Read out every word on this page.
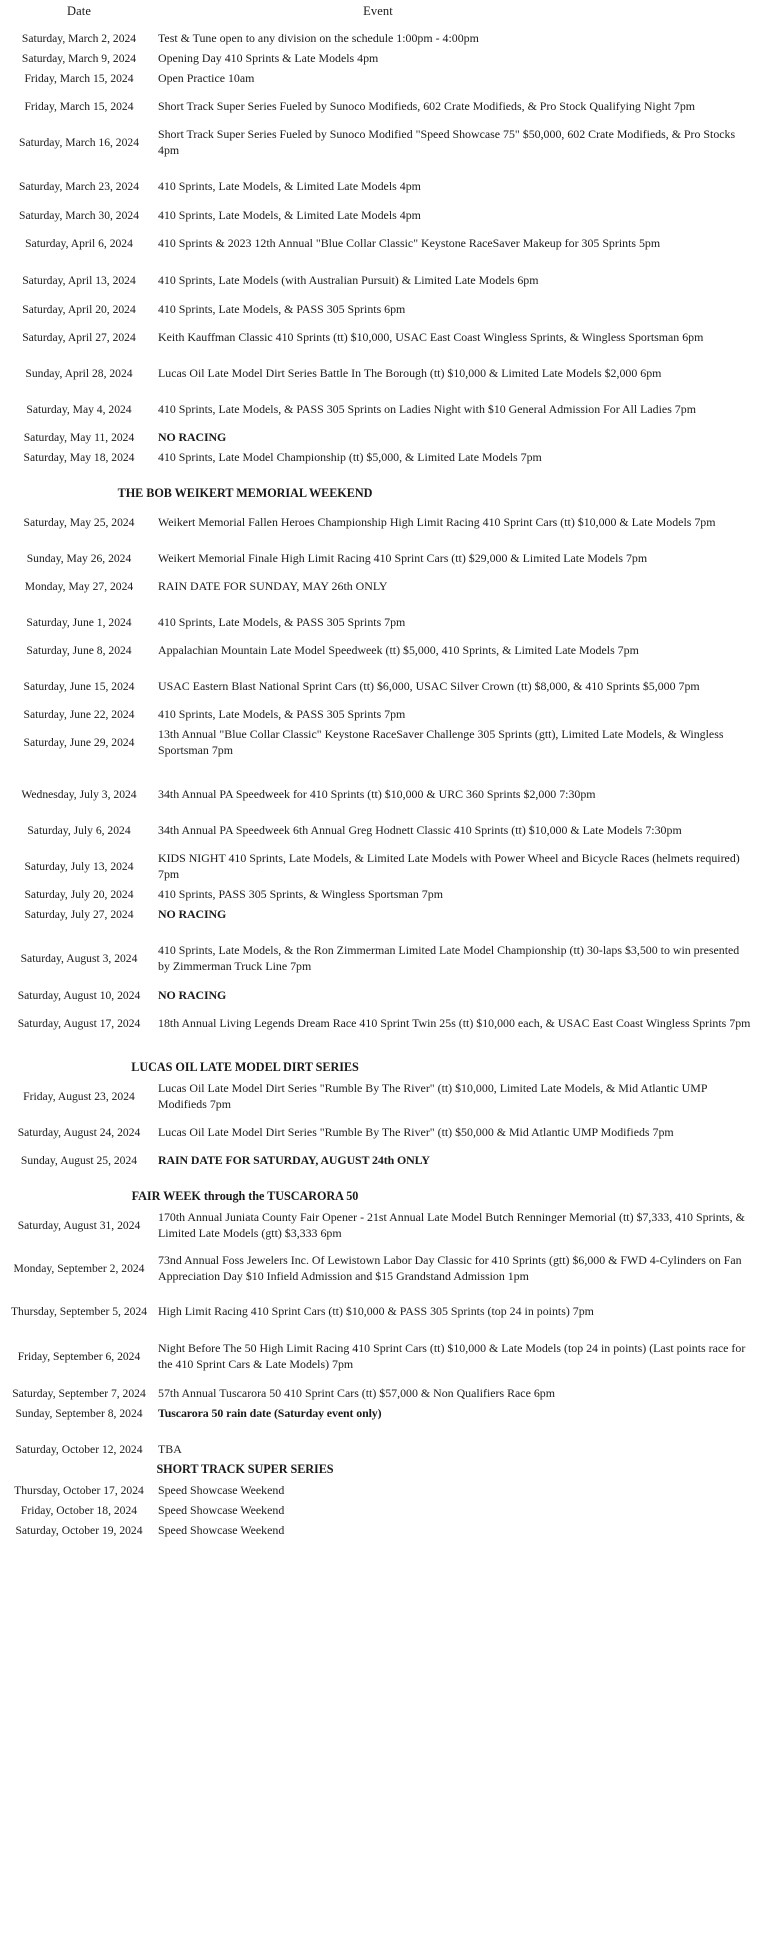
Date	Event

Saturday, March 2, 2024	Test & Tune open to any division on the schedule 1:00pm - 4:00pm
Saturday, March 9, 2024	Opening Day 410 Sprints & Late Models 4pm
Friday, March 15, 2024	Open Practice 10am
Friday, March 15, 2024	Short Track Super Series Fueled by Sunoco Modifieds, 602 Crate Modifieds, & Pro Stock Qualifying Night 7pm
Saturday, March 16, 2024	Short Track Super Series Fueled by Sunoco Modified "Speed Showcase 75" $50,000, 602 Crate Modifieds, & Pro Stocks 4pm

Saturday, March 23, 2024	410 Sprints, Late Models, & Limited Late Models 4pm

Saturday, March 30, 2024	410 Sprints, Late Models, & Limited Late Models 4pm
Saturday, April 6, 2024	410 Sprints & 2023 12th Annual "Blue Collar Classic" Keystone RaceSaver Makeup for 305 Sprints 5pm

Saturday, April 13, 2024	410 Sprints, Late Models (with Australian Pursuit) & Limited Late Models 6pm

Saturday, April 20, 2024	410 Sprints, Late Models, & PASS 305 Sprints 6pm
Saturday, April 27, 2024	Keith Kauffman Classic 410 Sprints (tt) $10,000, USAC East Coast Wingless Sprints, & Wingless Sportsman 6pm
Sunday, April 28, 2024	Lucas Oil Late Model Dirt Series Battle In The Borough (tt) $10,000 & Limited Late Models $2,000 6pm
Saturday, May 4, 2024	410 Sprints, Late Models, & PASS 305 Sprints on Ladies Night with $10 General Admission For All Ladies 7pm
Saturday, May 11, 2024	NO RACING
Saturday, May 18, 2024	410 Sprints, Late Model Championship (tt) $5,000, & Limited Late Models 7pm

THE BOB WEIKERT MEMORIAL WEEKEND	

Saturday, May 25, 2024	Weikert Memorial Fallen Heroes Championship High Limit Racing 410 Sprint Cars (tt) $10,000 & Late Models 7pm
Sunday, May 26, 2024	Weikert Memorial Finale High Limit Racing 410 Sprint Cars (tt) $29,000 & Limited Late Models 7pm
Monday, May 27, 2024	RAIN DATE FOR SUNDAY, MAY 26th ONLY

Saturday, June 1, 2024	410 Sprints, Late Models, & PASS 305 Sprints 7pm
Saturday, June 8, 2024	Appalachian Mountain Late Model Speedweek (tt) $5,000, 410 Sprints, & Limited Late Models 7pm
Saturday, June 15, 2024	USAC Eastern Blast National Sprint Cars (tt) $6,000, USAC Silver Crown (tt) $8,000, & 410 Sprints $5,000 7pm
Saturday, June 22, 2024	410 Sprints, Late Models, & PASS 305 Sprints 7pm
Saturday, June 29, 2024	13th Annual "Blue Collar Classic" Keystone RaceSaver Challenge 305 Sprints (gtt), Limited Late Models, & Wingless Sportsman 7pm

Wednesday, July 3, 2024	34th Annual PA Speedweek for 410 Sprints (tt) $10,000 & URC 360 Sprints $2,000 7:30pm
Saturday, July 6, 2024	34th Annual PA Speedweek 6th Annual Greg Hodnett Classic 410 Sprints (tt) $10,000 & Late Models 7:30pm
Saturday, July 13, 2024	KIDS NIGHT 410 Sprints, Late Models, & Limited Late Models with Power Wheel and Bicycle Races (helmets required) 7pm
Saturday, July 20, 2024	410 Sprints, PASS 305 Sprints, & Wingless Sportsman 7pm
Saturday, July 27, 2024	NO RACING

Saturday, August 3, 2024	410 Sprints, Late Models, & the Ron Zimmerman Limited Late Model Championship (tt) 30-laps $3,500 to win presented by Zimmerman Truck Line 7pm

Saturday, August 10, 2024	NO RACING
Saturday, August 17, 2024	18th Annual Living Legends Dream Race 410 Sprint Twin 25s (tt) $10,000 each, & USAC East Coast Wingless Sprints 7pm

LUCAS OIL LATE MODEL DIRT SERIES	

Friday, August 23, 2024	Lucas Oil Late Model Dirt Series "Rumble By The River" (tt) $10,000, Limited Late Models, & Mid Atlantic UMP Modifieds 7pm
Saturday, August 24, 2024	Lucas Oil Late Model Dirt Series "Rumble By The River" (tt) $50,000 & Mid Atlantic UMP Modifieds 7pm
Sunday, August 25, 2024	RAIN DATE FOR SATURDAY, AUGUST 24th ONLY

FAIR WEEK through the TUSCARORA 50	

Saturday, August 31, 2024	170th Annual Juniata County Fair Opener - 21st Annual Late Model Butch Renninger Memorial (tt) $7,333, 410 Sprints, & Limited Late Models (gtt) $3,333 6pm
Monday, September 2, 2024	73nd Annual Foss Jewelers Inc. Of Lewistown Labor Day Classic for 410 Sprints (gtt) $6,000 & FWD 4-Cylinders on Fan Appreciation Day $10 Infield Admission and $15 Grandstand Admission 1pm
Thursday, September 5, 2024	High Limit Racing 410 Sprint Cars (tt) $10,000 & PASS 305 Sprints (top 24 in points) 7pm

Friday, September 6, 2024	Night Before The 50 High Limit Racing 410 Sprint Cars (tt) $10,000 & Late Models (top 24 in points) (Last points race for the 410 Sprint Cars & Late Models) 7pm

Saturday, September 7, 2024	57th Annual Tuscarora 50 410 Sprint Cars (tt) $57,000 & Non Qualifiers Race 6pm
Sunday, September 8, 2024	Tuscarora 50 rain date (Saturday event only)

Saturday, October 12, 2024	TBA

SHORT TRACK SUPER SERIES	

Thursday, October 17, 2024	Speed Showcase Weekend
Friday, October 18, 2024	Speed Showcase Weekend
Saturday, October 19, 2024	Speed Showcase Weekend
